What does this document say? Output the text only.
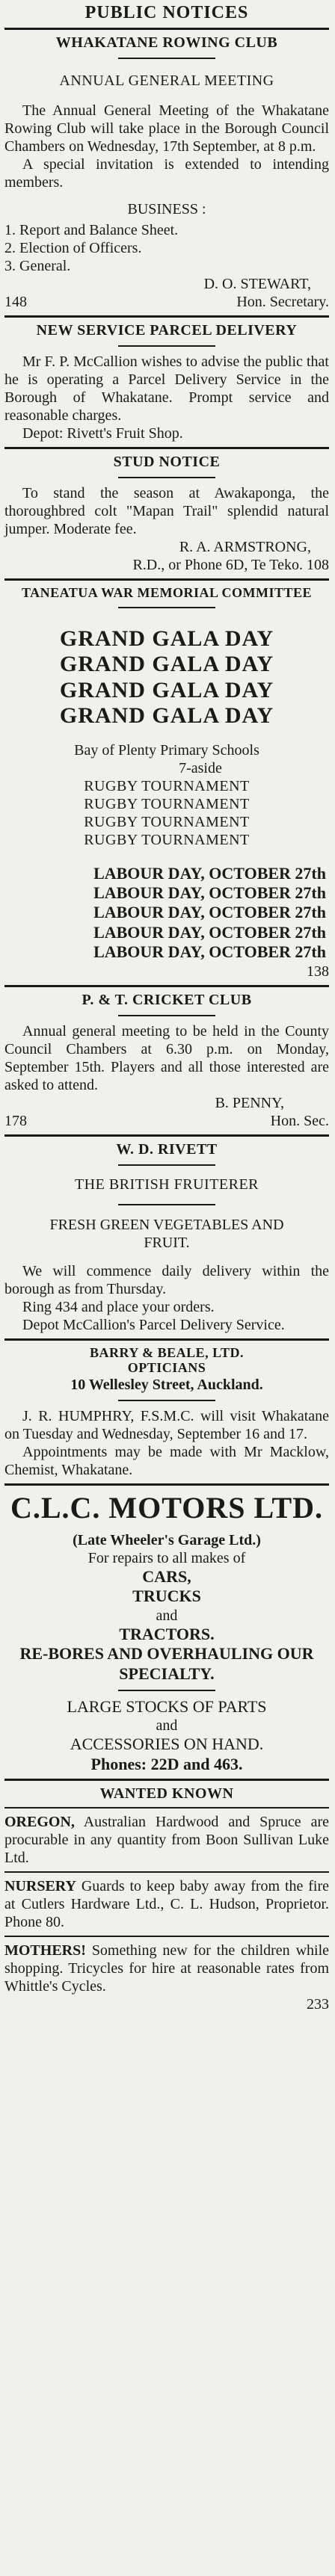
PUBLIC NOTICES
WHAKATANE ROWING CLUB
ANNUAL GENERAL MEETING

The Annual General Meeting of the Whakatane Rowing Club will take place in the Borough Council Chambers on Wednesday, 17th September, at 8 p.m.

A special invitation is extended to intending members.

BUSINESS :
1. Report and Balance Sheet.
2. Election of Officers.
3. General.
D. O. STEWART,
148	Hon. Secretary.
NEW SERVICE PARCEL DELIVERY

Mr F. P. McCallion wishes to advise the public that he is operating a Parcel Delivery Service in the Borough of Whakatane. Prompt service and reasonable charges.

Depot: Rivett's Fruit Shop.

STUD NOTICE

To stand the season at Awakaponga, the thoroughbred colt "Mapan Trail" splendid natural jumper. Moderate fee.

R. A. ARMSTRONG,
R.D., or Phone 6D, Te Teko. 108
TANEATUA WAR MEMORIAL COMMITTEE
GRAND GALA DAY
GRAND GALA DAY
GRAND GALA DAY
GRAND GALA DAY
Bay of Plenty Primary Schools
7-aside
RUGBY TOURNAMENT
RUGBY TOURNAMENT
RUGBY TOURNAMENT
RUGBY TOURNAMENT
LABOUR DAY, OCTOBER 27th
LABOUR DAY, OCTOBER 27th
LABOUR DAY, OCTOBER 27th
LABOUR DAY, OCTOBER 27th
LABOUR DAY, OCTOBER 27th
138
P. & T. CRICKET CLUB

Annual general meeting to be held in the County Council Chambers at 6.30 p.m. on Monday, September 15th. Players and all those interested are asked to attend.

B. PENNY,
178	Hon. Sec.
W. D. RIVETT
THE BRITISH FRUITERER
FRESH GREEN VEGETABLES AND FRUIT.

We will commence daily delivery within the borough as from Thursday.

Ring 434 and place your orders.

Depot McCallion's Parcel Delivery Service.

BARRY & BEALE, LTD.
OPTICIANS
10 Wellesley Street, Auckland.

J. R. HUMPHRY, F.S.M.C. will visit Whakatane on Tuesday and Wednesday, September 16 and 17.

Appointments may be made with Mr Macklow, Chemist, Whakatane.

C.L.C. MOTORS LTD.
(Late Wheeler's Garage Ltd.)
For repairs to all makes of
CARS,
TRUCKS
and
TRACTORS.
RE-BORES AND OVERHAULING OUR SPECIALTY.
LARGE STOCKS OF PARTS
and
ACCESSORIES ON HAND.
Phones: 22D and 463.
WANTED KNOWN

OREGON, Australian Hardwood and Spruce are procurable in any quantity from Boon Sullivan Luke Ltd.

NURSERY Guards to keep baby away from the fire at Cutlers Hardware Ltd., C. L. Hudson, Proprietor. Phone 80.

MOTHERS! Something new for the children while shopping. Tricycles for hire at reasonable rates from Whittle's Cycles.

233
